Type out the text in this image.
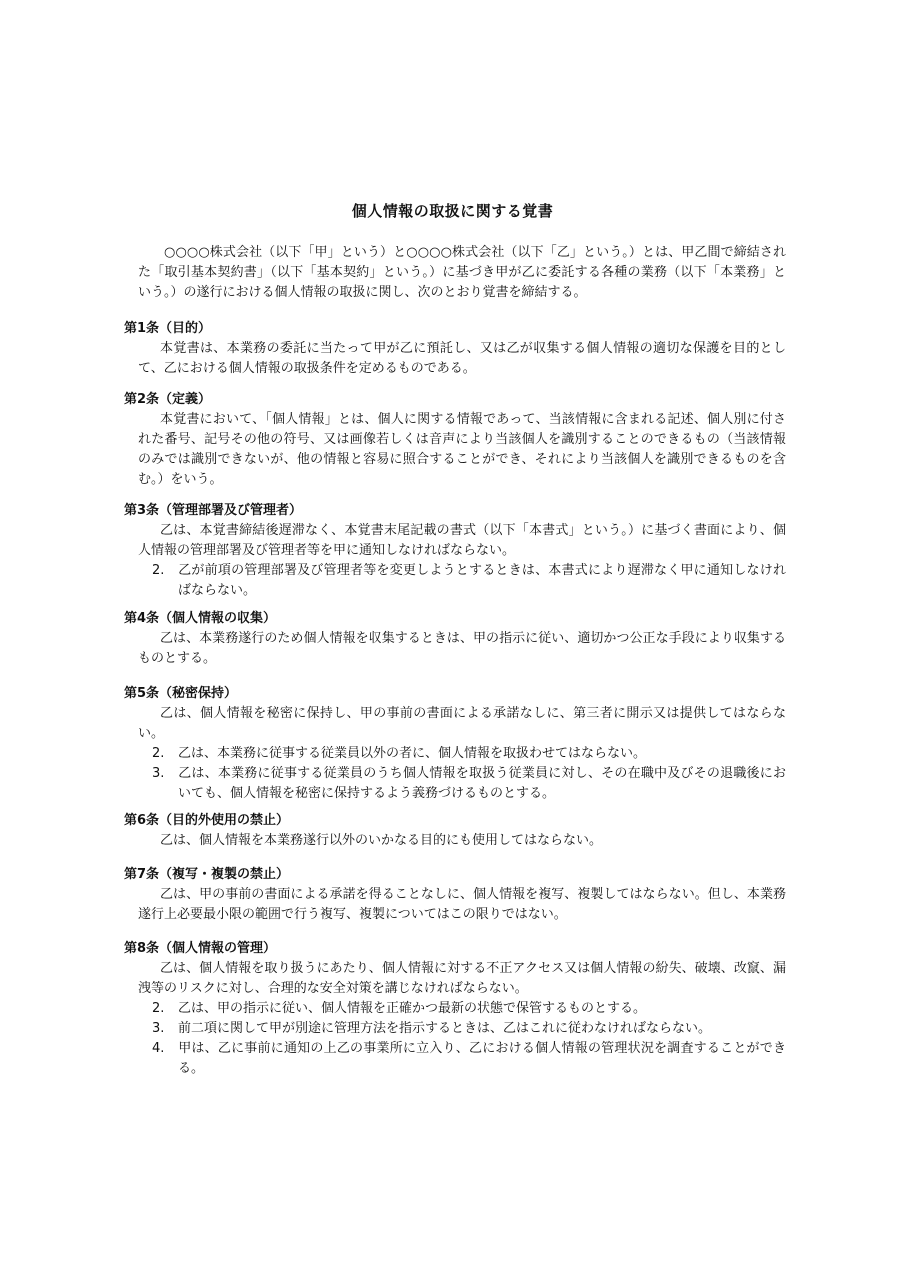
個人情報の取扱に関する覚書
○○○○株式会社（以下「甲」という）と○○○○株式会社（以下「乙」という。）とは、甲乙間で締結された「取引基本契約書」（以下「基本契約」という。）に基づき甲が乙に委託する各種の業務（以下「本業務」という。）の遂行における個人情報の取扱に関し、次のとおり覚書を締結する。
第1条（目的）
本覚書は、本業務の委託に当たって甲が乙に預託し、又は乙が収集する個人情報の適切な保護を目的として、乙における個人情報の取扱条件を定めるものである。
第2条（定義）
本覚書において、「個人情報」とは、個人に関する情報であって、当該情報に含まれる記述、個人別に付された番号、記号その他の符号、又は画像若しくは音声により当該個人を識別することのできるもの（当該情報のみでは識別できないが、他の情報と容易に照合することができ、それにより当該個人を識別できるものを含む。）をいう。
第3条（管理部署及び管理者）
乙は、本覚書締結後遅滞なく、本覚書末尾記載の書式（以下「本書式」という。）に基づく書面により、個人情報の管理部署及び管理者等を甲に通知しなければならない。
2. 乙が前項の管理部署及び管理者等を変更しようとするときは、本書式により遅滞なく甲に通知しなければならない。
第4条（個人情報の収集）
乙は、本業務遂行のため個人情報を収集するときは、甲の指示に従い、適切かつ公正な手段により収集するものとする。
第5条（秘密保持）
乙は、個人情報を秘密に保持し、甲の事前の書面による承諾なしに、第三者に開示又は提供してはならない。
2. 乙は、本業務に従事する従業員以外の者に、個人情報を取扱わせてはならない。
3. 乙は、本業務に従事する従業員のうち個人情報を取扱う従業員に対し、その在職中及びその退職後においても、個人情報を秘密に保持するよう義務づけるものとする。
第6条（目的外使用の禁止）
乙は、個人情報を本業務遂行以外のいかなる目的にも使用してはならない。
第7条（複写・複製の禁止）
乙は、甲の事前の書面による承諾を得ることなしに、個人情報を複写、複製してはならない。但し、本業務遂行上必要最小限の範囲で行う複写、複製についてはこの限りではない。
第8条（個人情報の管理）
乙は、個人情報を取り扱うにあたり、個人情報に対する不正アクセス又は個人情報の紛失、破壊、改竄、漏洩等のリスクに対し、合理的な安全対策を講じなければならない。
2. 乙は、甲の指示に従い、個人情報を正確かつ最新の状態で保管するものとする。
3. 前二項に関して甲が別途に管理方法を指示するときは、乙はこれに従わなければならない。
4. 甲は、乙に事前に通知の上乙の事業所に立入り、乙における個人情報の管理状況を調査することができる。
